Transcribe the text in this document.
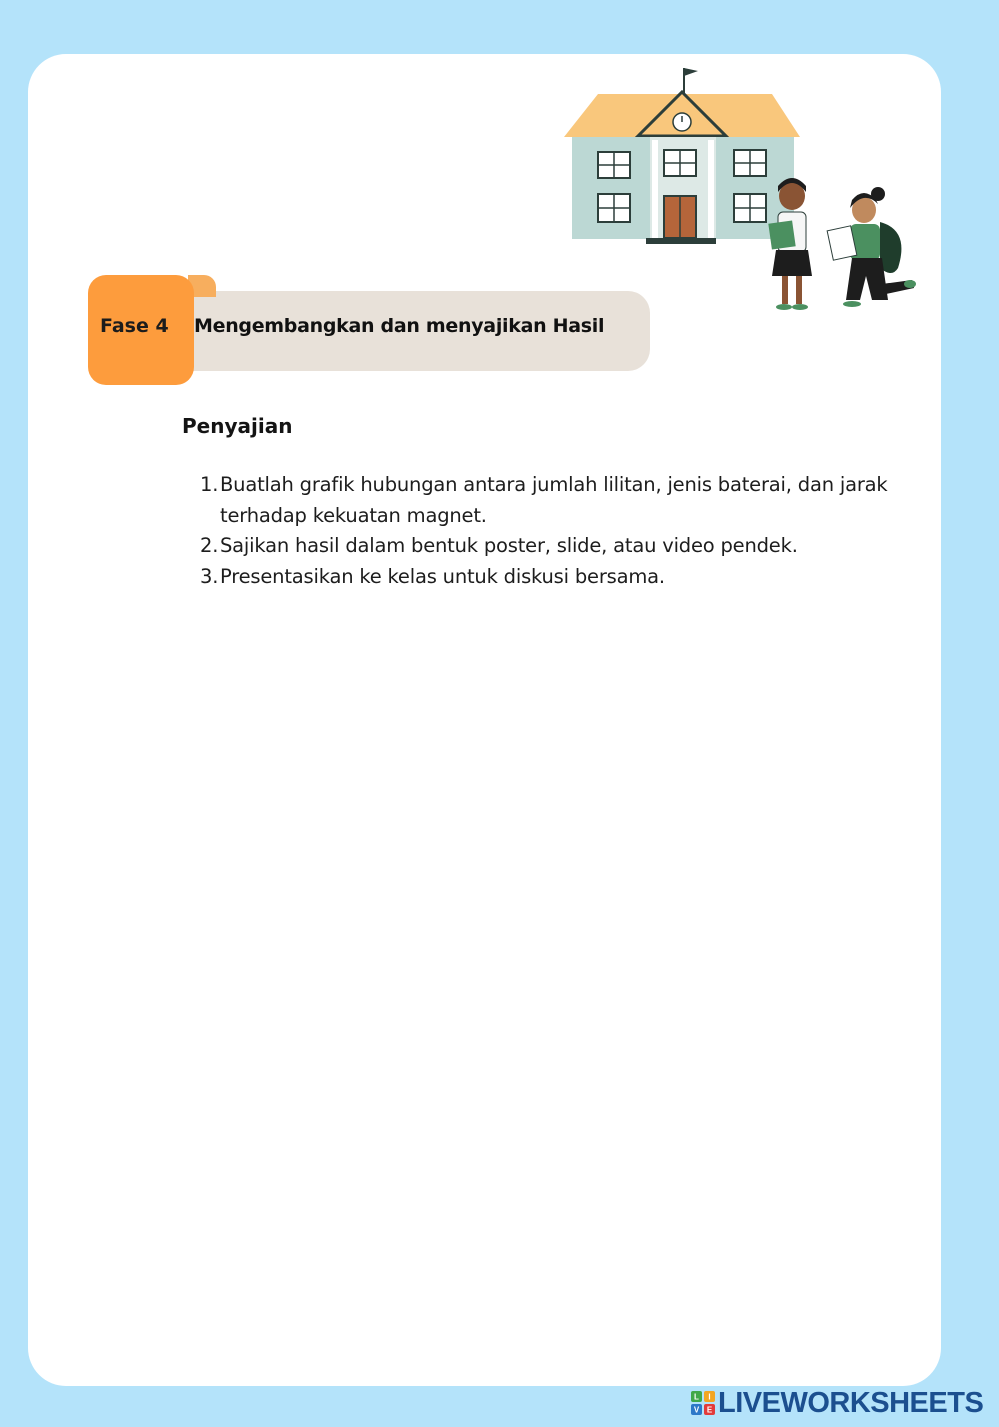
Fase 4 Mengembangkan dan menyajikan Hasil
Penyajian
1. Buatlah grafik hubungan antara jumlah lilitan, jenis baterai, dan jarak terhadap kekuatan magnet.
2. Sajikan hasil dalam bentuk poster, slide, atau video pendek.
3. Presentasikan ke kelas untuk diskusi bersama.
L I
V E LIVEWORKSHEETS
